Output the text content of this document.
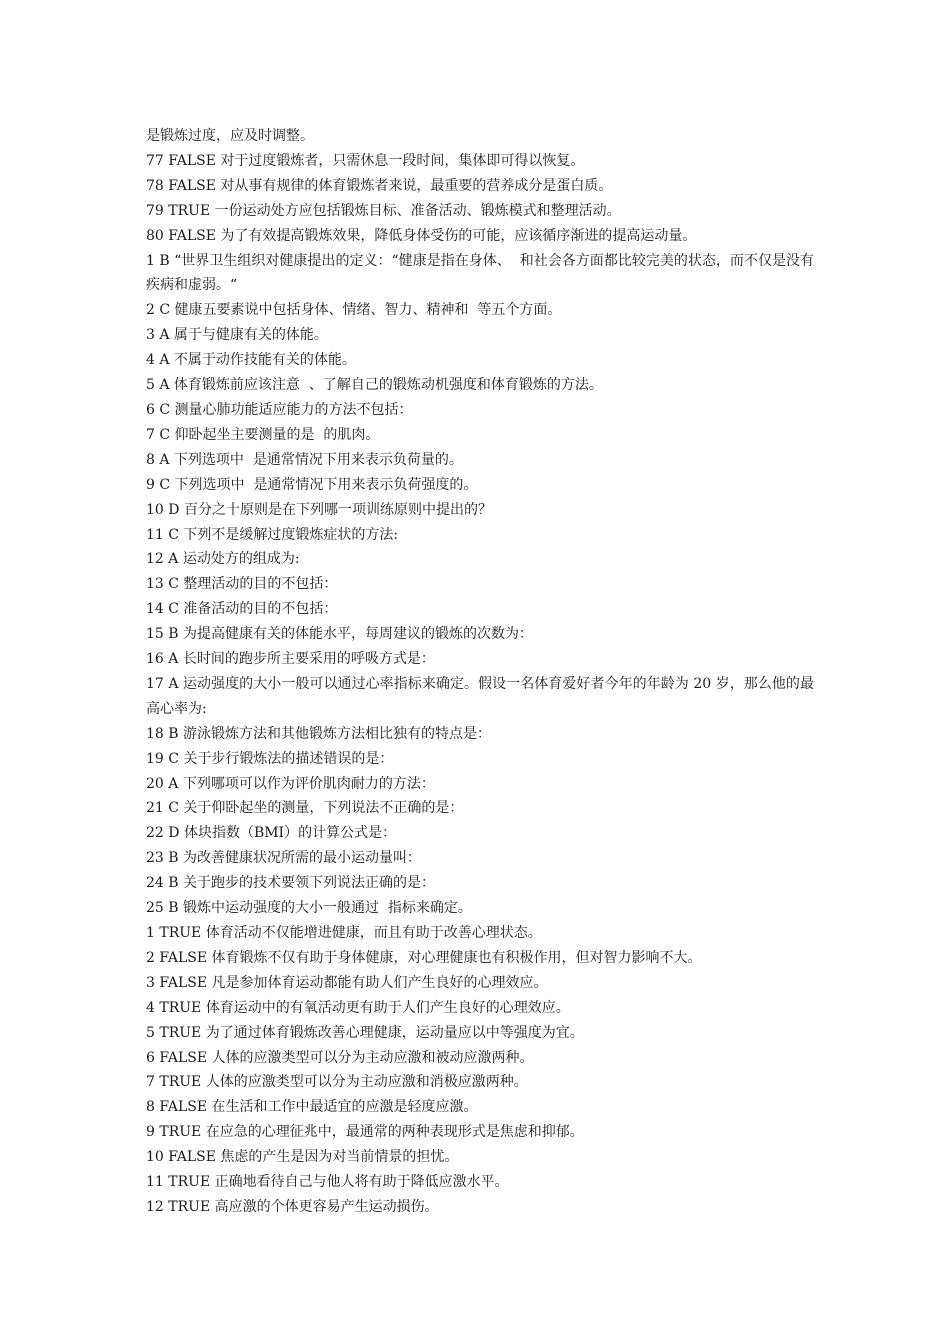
是锻炼过度，应及时调整。
77 FALSE 对于过度锻炼者，只需休息一段时间，集体即可得以恢复。
78 FALSE 对从事有规律的体育锻炼者来说，最重要的营养成分是蛋白质。
79 TRUE 一份运动处方应包括锻炼目标、准备活动、锻炼模式和整理活动。
80 FALSE 为了有效提高锻炼效果，降低身体受伤的可能，应该循序渐进的提高运动量。
1 B “世界卫生组织对健康提出的定义：“健康是指在身体、  和社会各方面都比较完美的状态，而不仅是没有疾病和虚弱。“
2 C 健康五要素说中包括身体、情绪、智力、精神和  等五个方面。
3 A 属于与健康有关的体能。
4 A 不属于动作技能有关的体能。
5 A 体育锻炼前应该注意  、了解自己的锻炼动机强度和体育锻炼的方法。
6 C 测量心肺功能适应能力的方法不包括：
7 C 仰卧起坐主要测量的是  的肌肉。
8 A 下列选项中  是通常情况下用来表示负荷量的。
9 C 下列选项中  是通常情况下用来表示负荷强度的。
10 D 百分之十原则是在下列哪一项训练原则中提出的？
11 C 下列不是缓解过度锻炼症状的方法:
12 A 运动处方的组成为:
13 C 整理活动的目的不包括：
14 C 准备活动的目的不包括：
15 B 为提高健康有关的体能水平，每周建议的锻炼的次数为：
16 A 长时间的跑步所主要采用的呼吸方式是：
17 A 运动强度的大小一般可以通过心率指标来确定。假设一名体育爱好者今年的年龄为 20 岁，那么他的最高心率为:
18 B 游泳锻炼方法和其他锻炼方法相比独有的特点是：
19 C 关于步行锻炼法的描述错误的是：
20 A 下列哪项可以作为评价肌肉耐力的方法：
21 C 关于仰卧起坐的测量，下列说法不正确的是：
22 D 体块指数（BMI）的计算公式是：
23 B 为改善健康状况所需的最小运动量叫：
24 B 关于跑步的技术要领下列说法正确的是：
25 B 锻炼中运动强度的大小一般通过  指标来确定。
1 TRUE 体育活动不仅能增进健康，而且有助于改善心理状态。
2 FALSE 体育锻炼不仅有助于身体健康，对心理健康也有积极作用，但对智力影响不大。
3 FALSE 凡是参加体育运动都能有助人们产生良好的心理效应。
4 TRUE 体育运动中的有氧活动更有助于人们产生良好的心理效应。
5 TRUE 为了通过体育锻炼改善心理健康，运动量应以中等强度为宜。
6 FALSE 人体的应激类型可以分为主动应激和被动应激两种。
7 TRUE 人体的应激类型可以分为主动应激和消极应激两种。
8 FALSE 在生活和工作中最适宜的应激是轻度应激。
9 TRUE 在应急的心理征兆中，最通常的两种表现形式是焦虑和抑郁。
10 FALSE 焦虑的产生是因为对当前情景的担忧。
11 TRUE 正确地看待自己与他人将有助于降低应激水平。
12 TRUE 高应激的个体更容易产生运动损伤。
